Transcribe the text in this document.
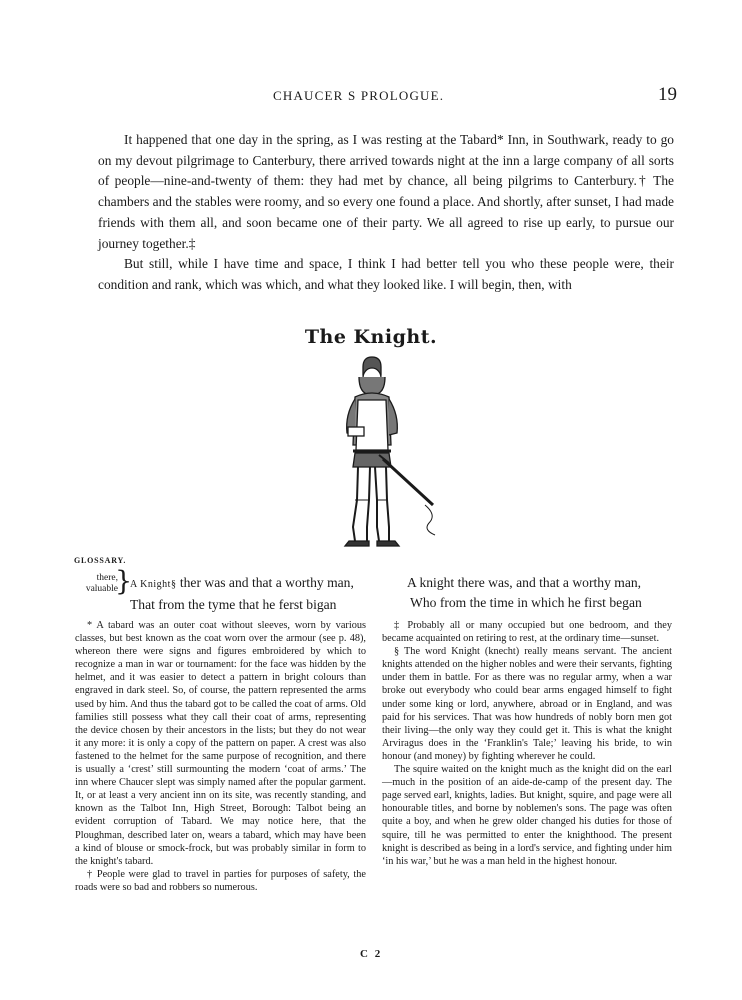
CHAUCER S PROLOGUE.	19

It happened that one day in the spring, as I was resting at the Tabard* Inn, in Southwark, ready to go on my devout pilgrimage to Canterbury, there arrived towards night at the inn a large company of all sorts of people—nine-and-twenty of them: they had met by chance, all being pilgrims to Canterbury.† The chambers and the stables were roomy, and so every one found a place. And shortly, after sunset, I had made friends with them all, and soon became one of their party. We all agreed to rise up early, to pursue our journey together.‡

But still, while I have time and space, I think I had better tell you who these people were, their condition and rank, which was which, and what they looked like. I will begin, then, with

The Knight.
GLOSSARY.
there,
valuable
}
A Knight§ ther was and that a worthy man,
That from the tyme that he ferst bigan
A knight there was, and that a worthy man,
Who from the time in which he first began

* A tabard was an outer coat without sleeves, worn by various classes, but best known as the coat worn over the armour (see p. 48), whereon there were signs and figures embroidered by which to recognize a man in war or tournament: for the face was hidden by the helmet, and it was easier to detect a pattern in bright colours than engraved in dark steel. So, of course, the pattern represented the arms used by him. And thus the tabard got to be called the coat of arms. Old families still possess what they call their coat of arms, representing the device chosen by their ancestors in the lists; but they do not wear it any more: it is only a copy of the pattern on paper. A crest was also fastened to the helmet for the same purpose of recognition, and there is usually a ‘crest’ still surmounting the modern ‘coat of arms.’ The inn where Chaucer slept was simply named after the popular garment. It, or at least a very ancient inn on its site, was recently standing, and known as the Talbot Inn, High Street, Borough: Talbot being an evident corruption of Tabard. We may notice here, that the Ploughman, described later on, wears a tabard, which may have been a kind of blouse or smock-frock, but was probably similar in form to the knight's tabard.

† People were glad to travel in parties for purposes of safety, the roads were so bad and robbers so numerous.

‡ Probably all or many occupied but one bedroom, and they became acquainted on retiring to rest, at the ordinary time—sunset.

§ The word Knight (knecht) really means servant. The ancient knights attended on the higher nobles and were their servants, fighting under them in battle. For as there was no regular army, when a war broke out everybody who could bear arms engaged himself to fight under some king or lord, anywhere, abroad or in England, and was paid for his services. That was how hundreds of nobly born men got their living—the only way they could get it. This is what the knight Arviragus does in the ‘Franklin's Tale;’ leaving his bride, to win honour (and money) by fighting wherever he could.

The squire waited on the knight much as the knight did on the earl—much in the position of an aide-de-camp of the present day. The page served earl, knights, ladies. But knight, squire, and page were all honourable titles, and borne by noblemen's sons. The page was often quite a boy, and when he grew older changed his duties for those of squire, till he was permitted to enter the knighthood. The present knight is described as being in a lord's service, and fighting under him ‘in his war,’ but he was a man held in the highest honour.

C 2
